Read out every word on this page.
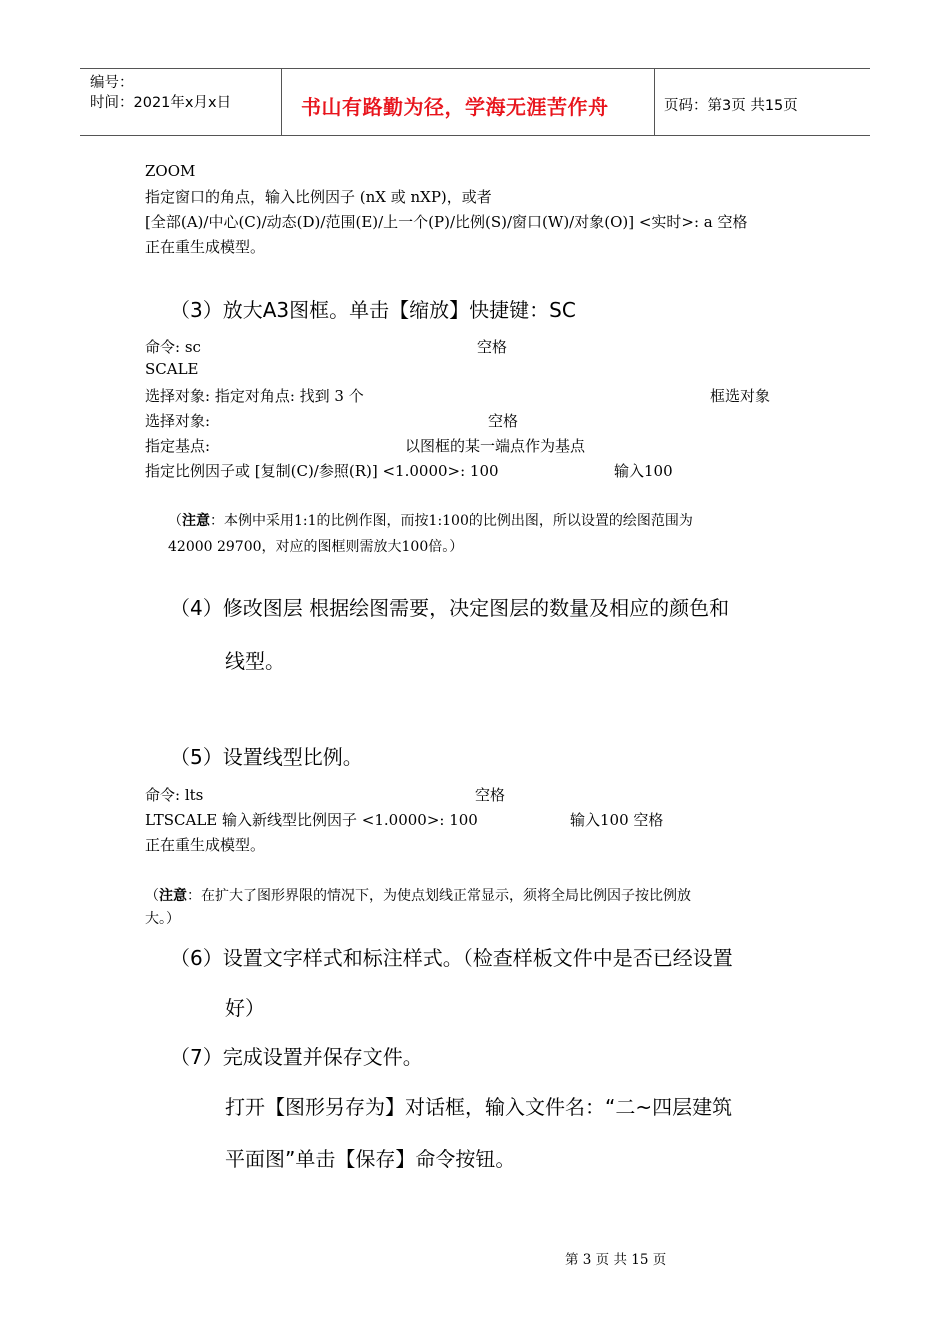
编号：
时间：2021年x月x日	书山有路勤为径，学海无涯苦作舟	页码：第3页 共15页
ZOOM
指定窗口的角点，输入比例因子 (nX 或 nXP)，或者
[全部(A)/中心(C)/动态(D)/范围(E)/上一个(P)/比例(S)/窗口(W)/对象(O)] <实时>: a 空格
正在重生成模型。
（3）放大A3图框。单击【缩放】快捷键：SC
命令: sc	空格
SCALE
选择对象: 指定对角点: 找到 3 个	框选对象
选择对象:	空格
指定基点:	以图框的某一端点作为基点
指定比例因子或 [复制(C)/参照(R)] <1.0000>: 100	输入100
（注意：本例中采用1:1的比例作图，而按1:100的比例出图，所以设置的绘图范围为
42000 29700，对应的图框则需放大100倍。）
（4）修改图层 根据绘图需要，决定图层的数量及相应的颜色和
线型。
（5）设置线型比例。
命令: lts	空格
LTSCALE 输入新线型比例因子 <1.0000>: 100	输入100 空格
正在重生成模型。
（注意：在扩大了图形界限的情况下，为使点划线正常显示，须将全局比例因子按比例放
大。）
（6）设置文字样式和标注样式。（检查样板文件中是否已经设置
好）
（7）完成设置并保存文件。
打开【图形另存为】对话框，输入文件名：“二~四层建筑
平面图”单击【保存】命令按钮。
第 3 页 共 15 页
